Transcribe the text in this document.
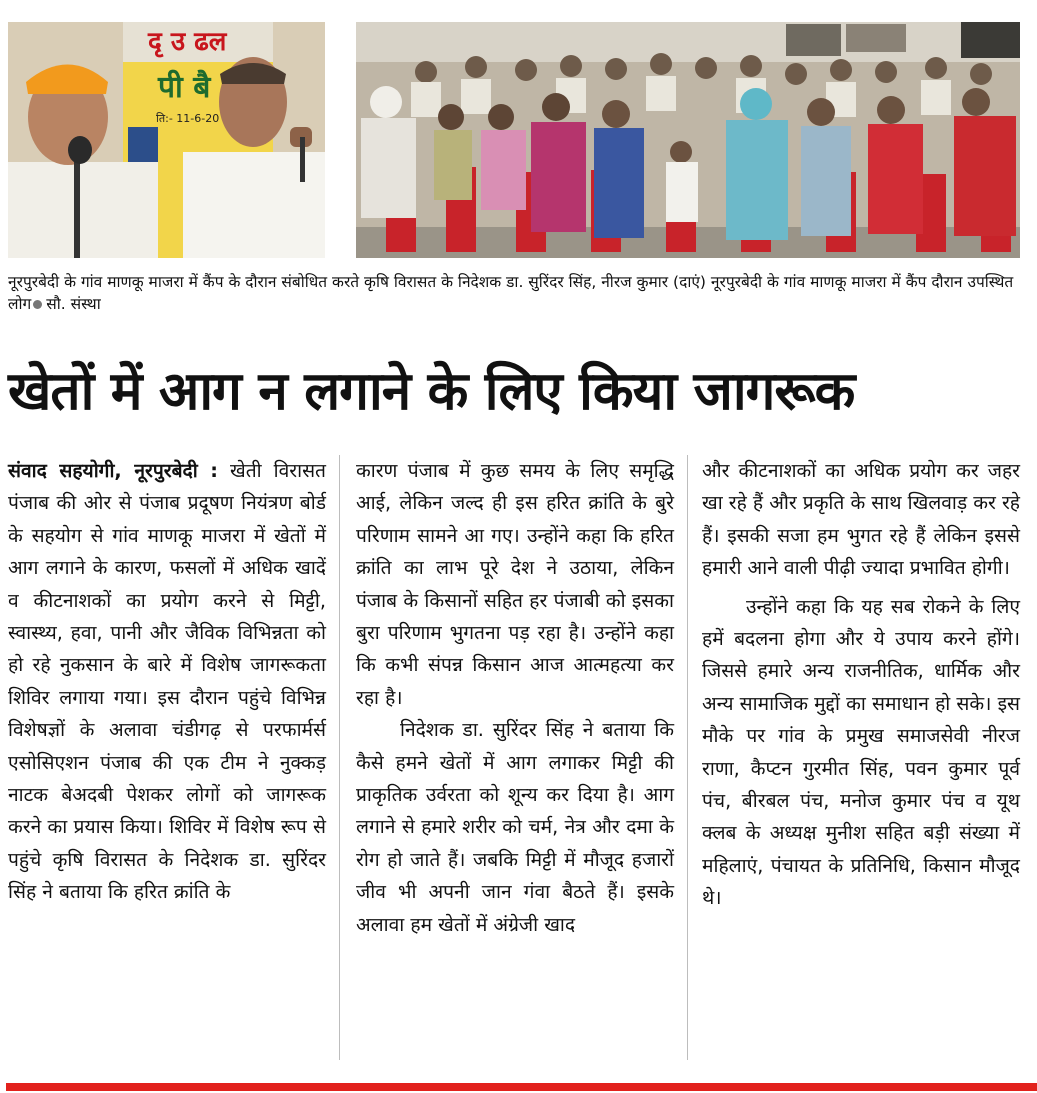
दृ उ ढल
पी बै
ति:- 11-6-20
नूरपुरबेदी के गांव माणकू माजरा में कैंप के दौरान संबोधित करते कृषि विरासत के निदेशक डा. सुरिंदर सिंह, नीरज कुमार (दाएं) नूरपुरबेदी के गांव माणकू माजरा में कैंप दौरान उपस्थित लोग सौ. संस्था
खेतों में आग न लगाने के लिए किया जागरूक

संवाद सहयोगी, नूरपुरबेदी : खेती विरासत पंजाब की ओर से पंजाब प्रदूषण नियंत्रण बोर्ड के सहयोग से गांव माणकू माजरा में खेतों में आग लगाने के कारण, फसलों में अधिक खादें व कीटनाशकों का प्रयोग करने से मिट्टी, स्वास्थ्य, हवा, पानी और जैविक विभिन्नता को हो रहे नुकसान के बारे में विशेष जागरूकता शिविर लगाया गया। इस दौरान पहुंचे विभिन्न विशेषज्ञों के अलावा चंडीगढ़ से परफार्मर्स एसोसिएशन पंजाब की एक टीम ने नुक्कड़ नाटक बेअदबी पेशकर लोगों को जागरूक करने का प्रयास किया। शिविर में विशेष रूप से पहुंचे कृषि विरासत के निदेशक डा. सुरिंदर सिंह ने बताया कि हरित क्रांति के

कारण पंजाब में कुछ समय के लिए समृद्धि आई, लेकिन जल्द ही इस हरित क्रांति के बुरे परिणाम सामने आ गए। उन्होंने कहा कि हरित क्रांति का लाभ पूरे देश ने उठाया, लेकिन पंजाब के किसानों सहित हर पंजाबी को इसका बुरा परिणाम भुगतना पड़ रहा है। उन्होंने कहा कि कभी संपन्न किसान आज आत्महत्या कर रहा है।

निदेशक डा. सुरिंदर सिंह ने बताया कि कैसे हमने खेतों में आग लगाकर मिट्टी की प्राकृतिक उर्वरता को शून्य कर दिया है। आग लगाने से हमारे शरीर को चर्म, नेत्र और दमा के रोग हो जाते हैं। जबकि मिट्टी में मौजूद हजारों जीव भी अपनी जान गंवा बैठते हैं। इसके अलावा हम खेतों में अंग्रेजी खाद

और कीटनाशकों का अधिक प्रयोग कर जहर खा रहे हैं और प्रकृति के साथ खिलवाड़ कर रहे हैं। इसकी सजा हम भुगत रहे हैं लेकिन इससे हमारी आने वाली पीढ़ी ज्यादा प्रभावित होगी।

उन्होंने कहा कि यह सब रोकने के लिए हमें बदलना होगा और ये उपाय करने होंगे। जिससे हमारे अन्य राजनीतिक, धार्मिक और अन्य सामाजिक मुद्दों का समाधान हो सके। इस मौके पर गांव के प्रमुख समाजसेवी नीरज राणा, कैप्टन गुरमीत सिंह, पवन कुमार पूर्व पंच, बीरबल पंच, मनोज कुमार पंच व यूथ क्लब के अध्यक्ष मुनीश सहित बड़ी संख्या में महिलाएं, पंचायत के प्रतिनिधि, किसान मौजूद थे।
